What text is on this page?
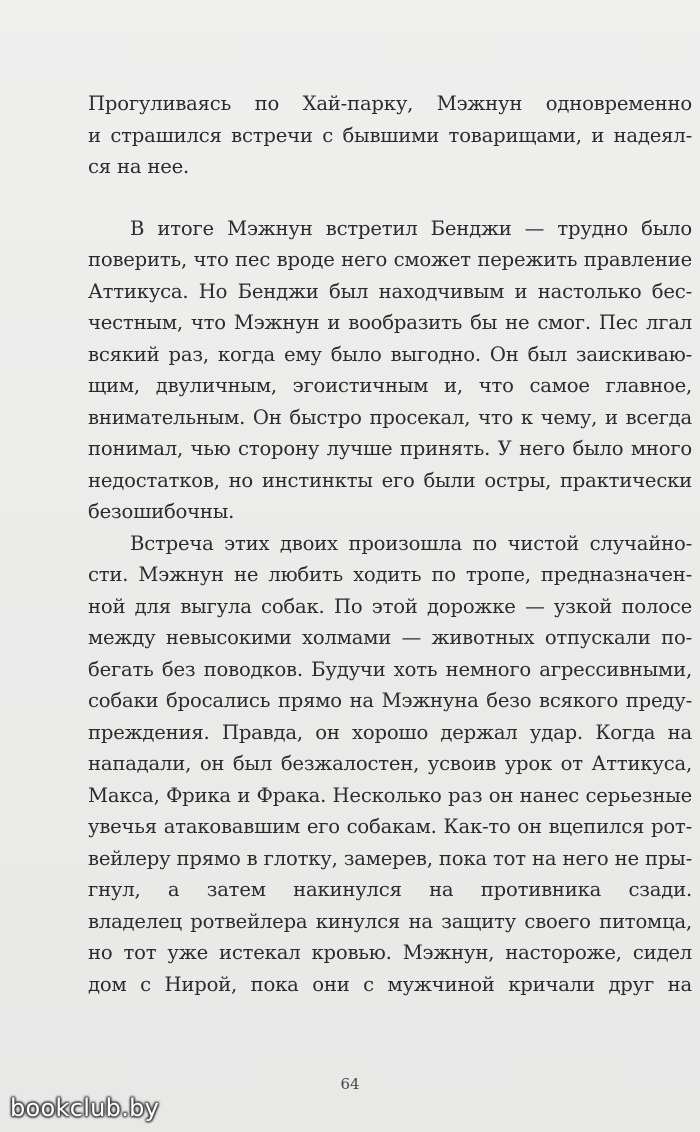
Прогуливаясь по Хай-парку, Мэжнун одновременно
и страшился встречи с бывшими товарищами, и надеял-
ся на нее.
В итоге Мэжнун встретил Бенджи — трудно было
поверить, что пес вроде него сможет пережить правление
Аттикуса. Но Бенджи был находчивым и настолько бес-
честным, что Мэжнун и вообразить бы не смог. Пес лгал
всякий раз, когда ему было выгодно. Он был заискиваю-
щим, двуличным, эгоистичным и, что самое главное,
внимательным. Он быстро просекал, что к чему, и всегда
понимал, чью сторону лучше принять. У него было много
недостатков, но инстинкты его были остры, практически
безошибочны.
Встреча этих двоих произошла по чистой случайно-
сти. Мэжнун не любить ходить по тропе, предназначен-
ной для выгула собак. По этой дорожке — узкой полосе
между невысокими холмами — животных отпускали по-
бегать без поводков. Будучи хоть немного агрессивными,
собаки бросались прямо на Мэжнуна безо всякого преду-
преждения. Правда, он хорошо держал удар. Когда на
нападали, он был безжалостен, усвоив урок от Аттикуса,
Макса, Фрика и Фрака. Несколько раз он нанес серьезные
увечья атаковавшим его собакам. Как-то он вцепился рот-
вейлеру прямо в глотку, замерев, пока тот на него не пры-
гнул, а затем накинулся на противника сзади.
владелец ротвейлера кинулся на защиту своего питомца,
но тот уже истекал кровью. Мэжнун, настороже, сидел
дом с Нирой, пока они с мужчиной кричали друг на
64
bookclub.by
